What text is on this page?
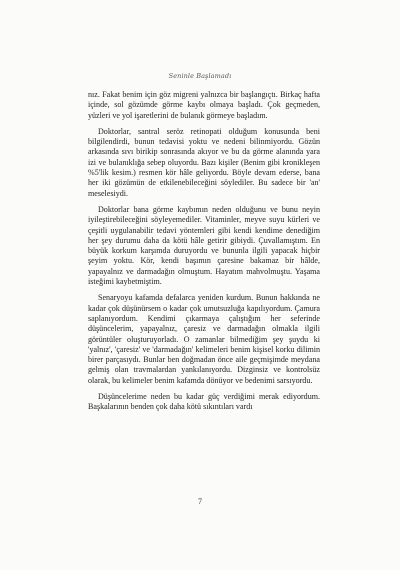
Seninle Başlamadı

nız. Fakat benim için göz migreni yalnızca bir başlangıçtı. Birkaç hafta içinde, sol gözümde görme kaybı olmaya başladı. Çok geçmeden, yüzleri ve yol işaretlerini de bulanık görmeye başladım.

Doktorlar, santral seröz retinopati olduğum konusunda beni bilgilendirdi, bunun tedavisi yoktu ve nedeni bilinmiyordu. Gözün arkasında sıvı birikip sonrasında akıyor ve bu da görme alanında yara izi ve bulanıklığa sebep oluyordu. Bazı kişiler (Benim gibi kronikleşen %5'lik kesim.) resmen kör hâle geliyordu. Böyle devam ederse, bana her iki gözümün de etkilenebileceğini söylediler. Bu sadece bir 'an' meselesiydi.

Doktorlar bana görme kaybımın neden olduğunu ve bunu neyin iyileştirebileceğini söyleyemediler. Vitaminler, meyve suyu kürleri ve çeşitli uygulanabilir tedavi yöntemleri gibi kendi kendime denediğim her şey durumu daha da kötü hâle getirir gibiydi. Çuvallamıştım. En büyük korkum karşımda duruyordu ve bununla ilgili yapacak hiçbir şeyim yoktu. Kör, kendi başımın çaresine bakamaz bir hâlde, yapayalnız ve darmadağın olmuştum. Hayatım mahvolmuştu. Yaşama isteğimi kaybetmiştim.

Senaryoyu kafamda defalarca yeniden kurdum. Bunun hakkında ne kadar çok düşünürsem o kadar çok umutsuzluğa kapılıyordum. Çamura saplanıyordum. Kendimi çıkarmaya çalıştığım her seferinde düşüncelerim, yapayalnız, çaresiz ve darmadağın olmakla ilgili görüntüler oluşturuyorladı. O zamanlar bilmediğim şey şuydu ki 'yalnız', 'çaresiz' ve 'darmadağın' kelimeleri benim kişisel korku dilimin birer parçasıydı. Bunlar ben doğmadan önce aile geçmişimde meydana gelmiş olan travmalardan yankılanıyordu. Dizginsiz ve kontrolsüz olarak, bu kelimeler benim kafamda dönüyor ve bedenimi sarsıyordu.

Düşüncelerime neden bu kadar güç verdiğimi merak ediyordum. Başkalarının benden çok daha kötü sıkıntıları vardı

7
